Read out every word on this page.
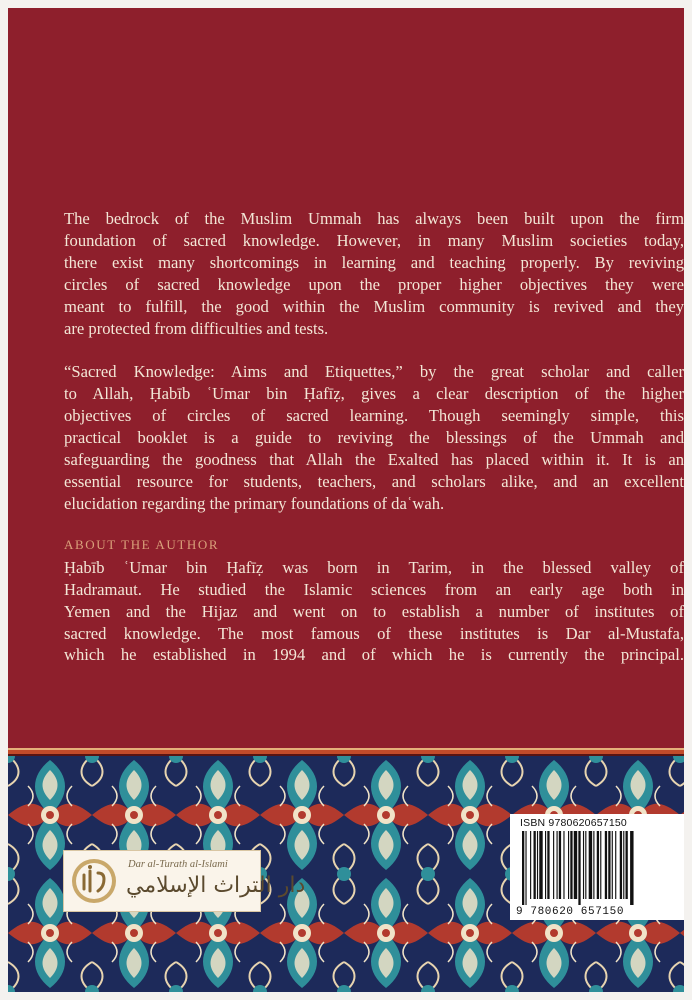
The bedrock of the Muslim Ummah has always been built upon the firm
foundation of sacred knowledge. However, in many Muslim societies today,
there exist many shortcomings in learning and teaching properly. By reviving
circles of sacred knowledge upon the proper higher objectives they were
meant to fulfill, the good within the Muslim community is revived and they
are protected from difficulties and tests.
“Sacred Knowledge: Aims and Etiquettes,” by the great scholar and caller
to Allah, Ḥabīb ʿUmar bin Ḥafīẓ, gives a clear description of the higher
objectives of circles of sacred learning. Though seemingly simple, this
practical booklet is a guide to reviving the blessings of the Ummah and
safeguarding the goodness that Allah the Exalted has placed within it. It is an
essential resource for students, teachers, and scholars alike, and an excellent
elucidation regarding the primary foundations of daʿwah.
ABOUT THE AUTHOR
Ḥabīb ʿUmar bin Ḥafīẓ was born in Tarim, in the blessed valley of
Hadramaut. He studied the Islamic sciences from an early age both in
Yemen and the Hijaz and went on to establish a number of institutes of
sacred knowledge. The most famous of these institutes is Dar al-Mustafa,
which he established in 1994 and of which he is currently the principal.
Dar al-Turath al-Islami
دار التراث الإسلامي
ISBN 9780620657150
9 780620 657150
